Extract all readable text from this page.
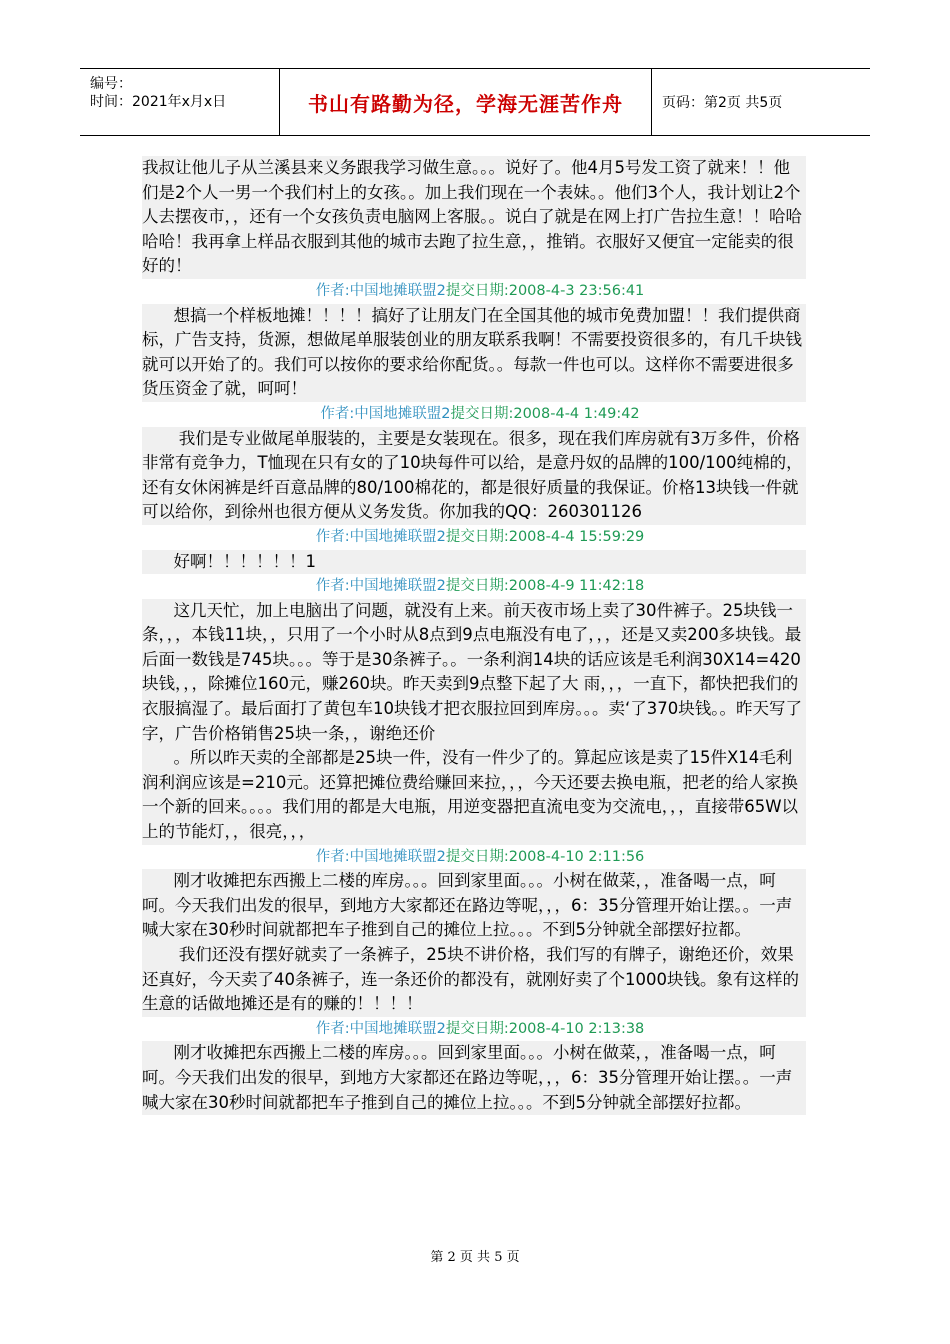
编号：
时间：2021年x月x日	书山有路勤为径，学海无涯苦作舟	页码：第2页 共5页
我叔让他儿子从兰溪县来义务跟我学习做生意。。。说好了。他4月5号发工资了就来！！他们是2个人一男一个我们村上的女孩。。加上我们现在一个表妹。。他们3个人，我计划让2个人去摆夜市，，还有一个女孩负责电脑网上客服。。说白了就是在网上打广告拉生意！！哈哈哈哈！我再拿上样品衣服到其他的城市去跑了拉生意，，推销。衣服好又便宜一定能卖的很好的！
作者:中国地摊联盟2提交日期:2008-4-3 23:56:41
想搞一个样板地摊！！！！搞好了让朋友门在全国其他的城市免费加盟！！我们提供商标，广告支持，货源，想做尾单服装创业的朋友联系我啊！不需要投资很多的，有几千块钱就可以开始了的。我们可以按你的要求给你配货。。每款一件也可以。这样你不需要进很多货压资金了就，呵呵！
作者:中国地摊联盟2提交日期:2008-4-4 1:49:42
我们是专业做尾单服装的，主要是女装现在。很多，现在我们库房就有3万多件，价格非常有竞争力，T恤现在只有女的了10块每件可以给，是意丹奴的品牌的100/100纯棉的，还有女休闲裤是纤百意品牌的80/100棉花的，都是很好质量的我保证。价格13块钱一件就可以给你，到徐州也很方便从义务发货。你加我的QQ：260301126
作者:中国地摊联盟2提交日期:2008-4-4 15:59:29
好啊！！！！！！1
作者:中国地摊联盟2提交日期:2008-4-9 11:42:18
这几天忙，加上电脑出了问题，就没有上来。前天夜市场上卖了30件裤子。25块钱一条，，，本钱11块，，只用了一个小时从8点到9点电瓶没有电了，，，还是又卖200多块钱。最后面一数钱是745块。。。等于是30条裤子。。一条利润14块的话应该是毛利润30X14=420块钱，，，除摊位160元，赚260块。昨天卖到9点整下起了大 雨，，，一直下，都快把我们的衣服搞湿了。最后面打了黄包车10块钱才把衣服拉回到库房。。。卖‘了370块钱。。昨天写了字，广告价格销售25块一条，，谢绝还价
。所以昨天卖的全部都是25块一件，没有一件少了的。算起应该是卖了15件X14毛利润利润应该是=210元。还算把摊位费给赚回来拉，，，今天还要去换电瓶，把老的给人家换一个新的回来。。。。我们用的都是大电瓶，用逆变器把直流电变为交流电，，，直接带65W以上的节能灯，，很亮，，，
作者:中国地摊联盟2提交日期:2008-4-10 2:11:56
刚才收摊把东西搬上二楼的库房。。。回到家里面。。。小树在做菜，，准备喝一点，呵呵。今天我们出发的很早，到地方大家都还在路边等呢，，，6：35分管理开始让摆。。一声喊大家在30秒时间就都把车子推到自己的摊位上拉。。。不到5分钟就全部摆好拉都。
我们还没有摆好就卖了一条裤子，25块不讲价格，我们写的有牌子，谢绝还价，效果还真好，今天卖了40条裤子，连一条还价的都没有，就刚好卖了个1000块钱。象有这样的生意的话做地摊还是有的赚的！！！！
作者:中国地摊联盟2提交日期:2008-4-10 2:13:38
刚才收摊把东西搬上二楼的库房。。。回到家里面。。。小树在做菜，，准备喝一点，呵呵。今天我们出发的很早，到地方大家都还在路边等呢，，，6：35分管理开始让摆。。一声喊大家在30秒时间就都把车子推到自己的摊位上拉。。。不到5分钟就全部摆好拉都。
第 2 页 共 5 页
